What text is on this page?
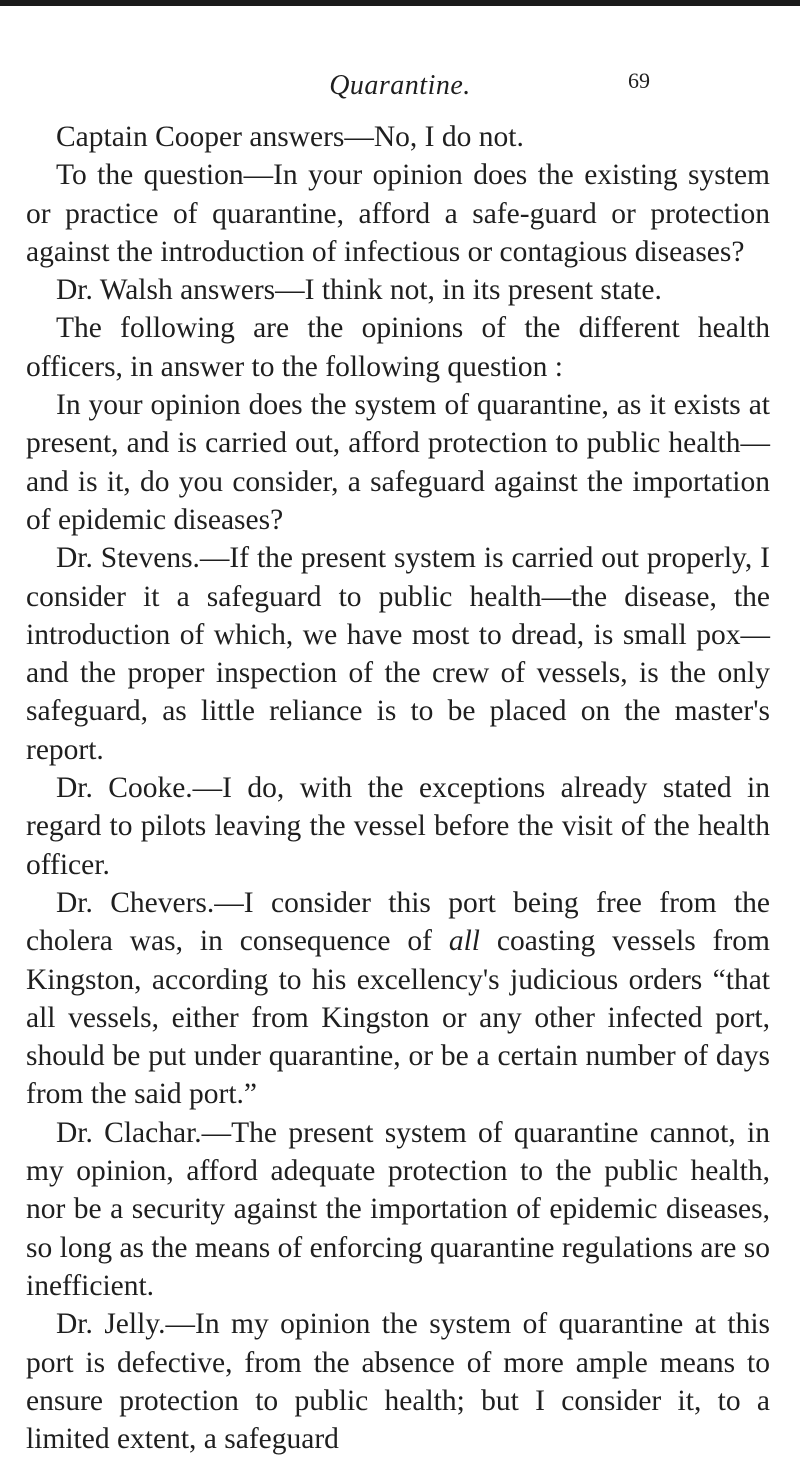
Quarantine.	69

Captain Cooper answers—No, I do not.

To the question—In your opinion does the existing system or practice of quarantine, afford a safe-guard or protection against the introduction of infectious or contagious diseases?

Dr. Walsh answers—I think not, in its present state.

The following are the opinions of the different health officers, in answer to the following question :

In your opinion does the system of quarantine, as it exists at present, and is carried out, afford protection to public health—and is it, do you consider, a safeguard against the importation of epidemic diseases?

Dr. Stevens.—If the present system is carried out properly, I consider it a safeguard to public health—the disease, the introduction of which, we have most to dread, is small pox—and the proper inspection of the crew of vessels, is the only safeguard, as little reliance is to be placed on the master's report.

Dr. Cooke.—I do, with the exceptions already stated in regard to pilots leaving the vessel before the visit of the health officer.

Dr. Chevers.—I consider this port being free from the cholera was, in consequence of all coasting vessels from Kingston, according to his excellency's judicious orders “that all vessels, either from Kingston or any other infected port, should be put under quarantine, or be a certain number of days from the said port.”

Dr. Clachar.—The present system of quarantine cannot, in my opinion, afford adequate protection to the public health, nor be a security against the importation of epidemic diseases, so long as the means of enforcing quarantine regulations are so inefficient.

Dr. Jelly.—In my opinion the system of quarantine at this port is defective, from the absence of more ample means to ensure protection to public health; but I consider it, to a limited extent, a safeguard
